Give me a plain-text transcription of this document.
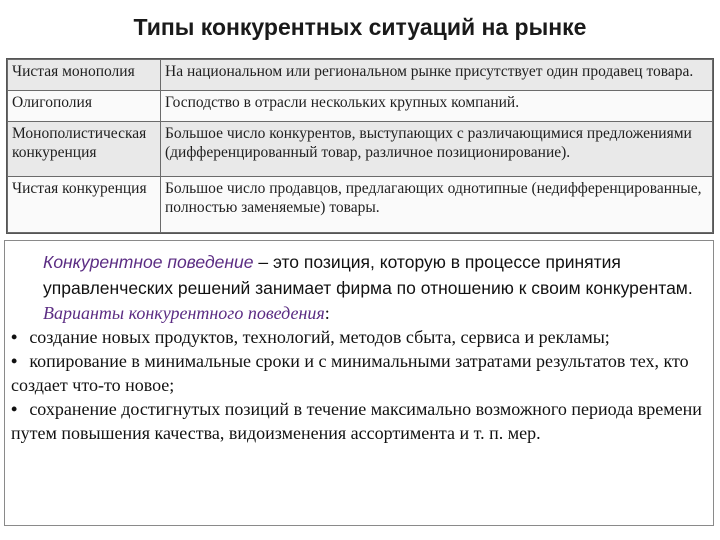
Типы конкурентных ситуаций на рынке
Чистая монополия	На национальном или региональном рынке присутствует один продавец товара.
Олигополия	Господство в отрасли нескольких крупных компаний.
Монополистическая конкуренция	Большое число конкурентов, выступающих с различающимися предложениями (дифференцированный товар, различное позиционирование).
Чистая конкуренция	Большое число продавцов, предлагающих однотипные (недифференцированные, полностью заменяемые) товары.

Конкурентное поведение – это позиция, которую в процессе принятия управленческих решений занимает фирма по отношению к своим конкурентам.

Варианты конкурентного поведения:

• создание новых продуктов, технологий, методов сбыта, сервиса и рекламы;

• копирование в минимальные сроки и с минимальными затратами результатов тех, кто создает что-то новое;

• сохранение достигнутых позиций в течение максимально возможного периода времени путем повышения качества, видоизменения ассортимента и т. п. мер.
